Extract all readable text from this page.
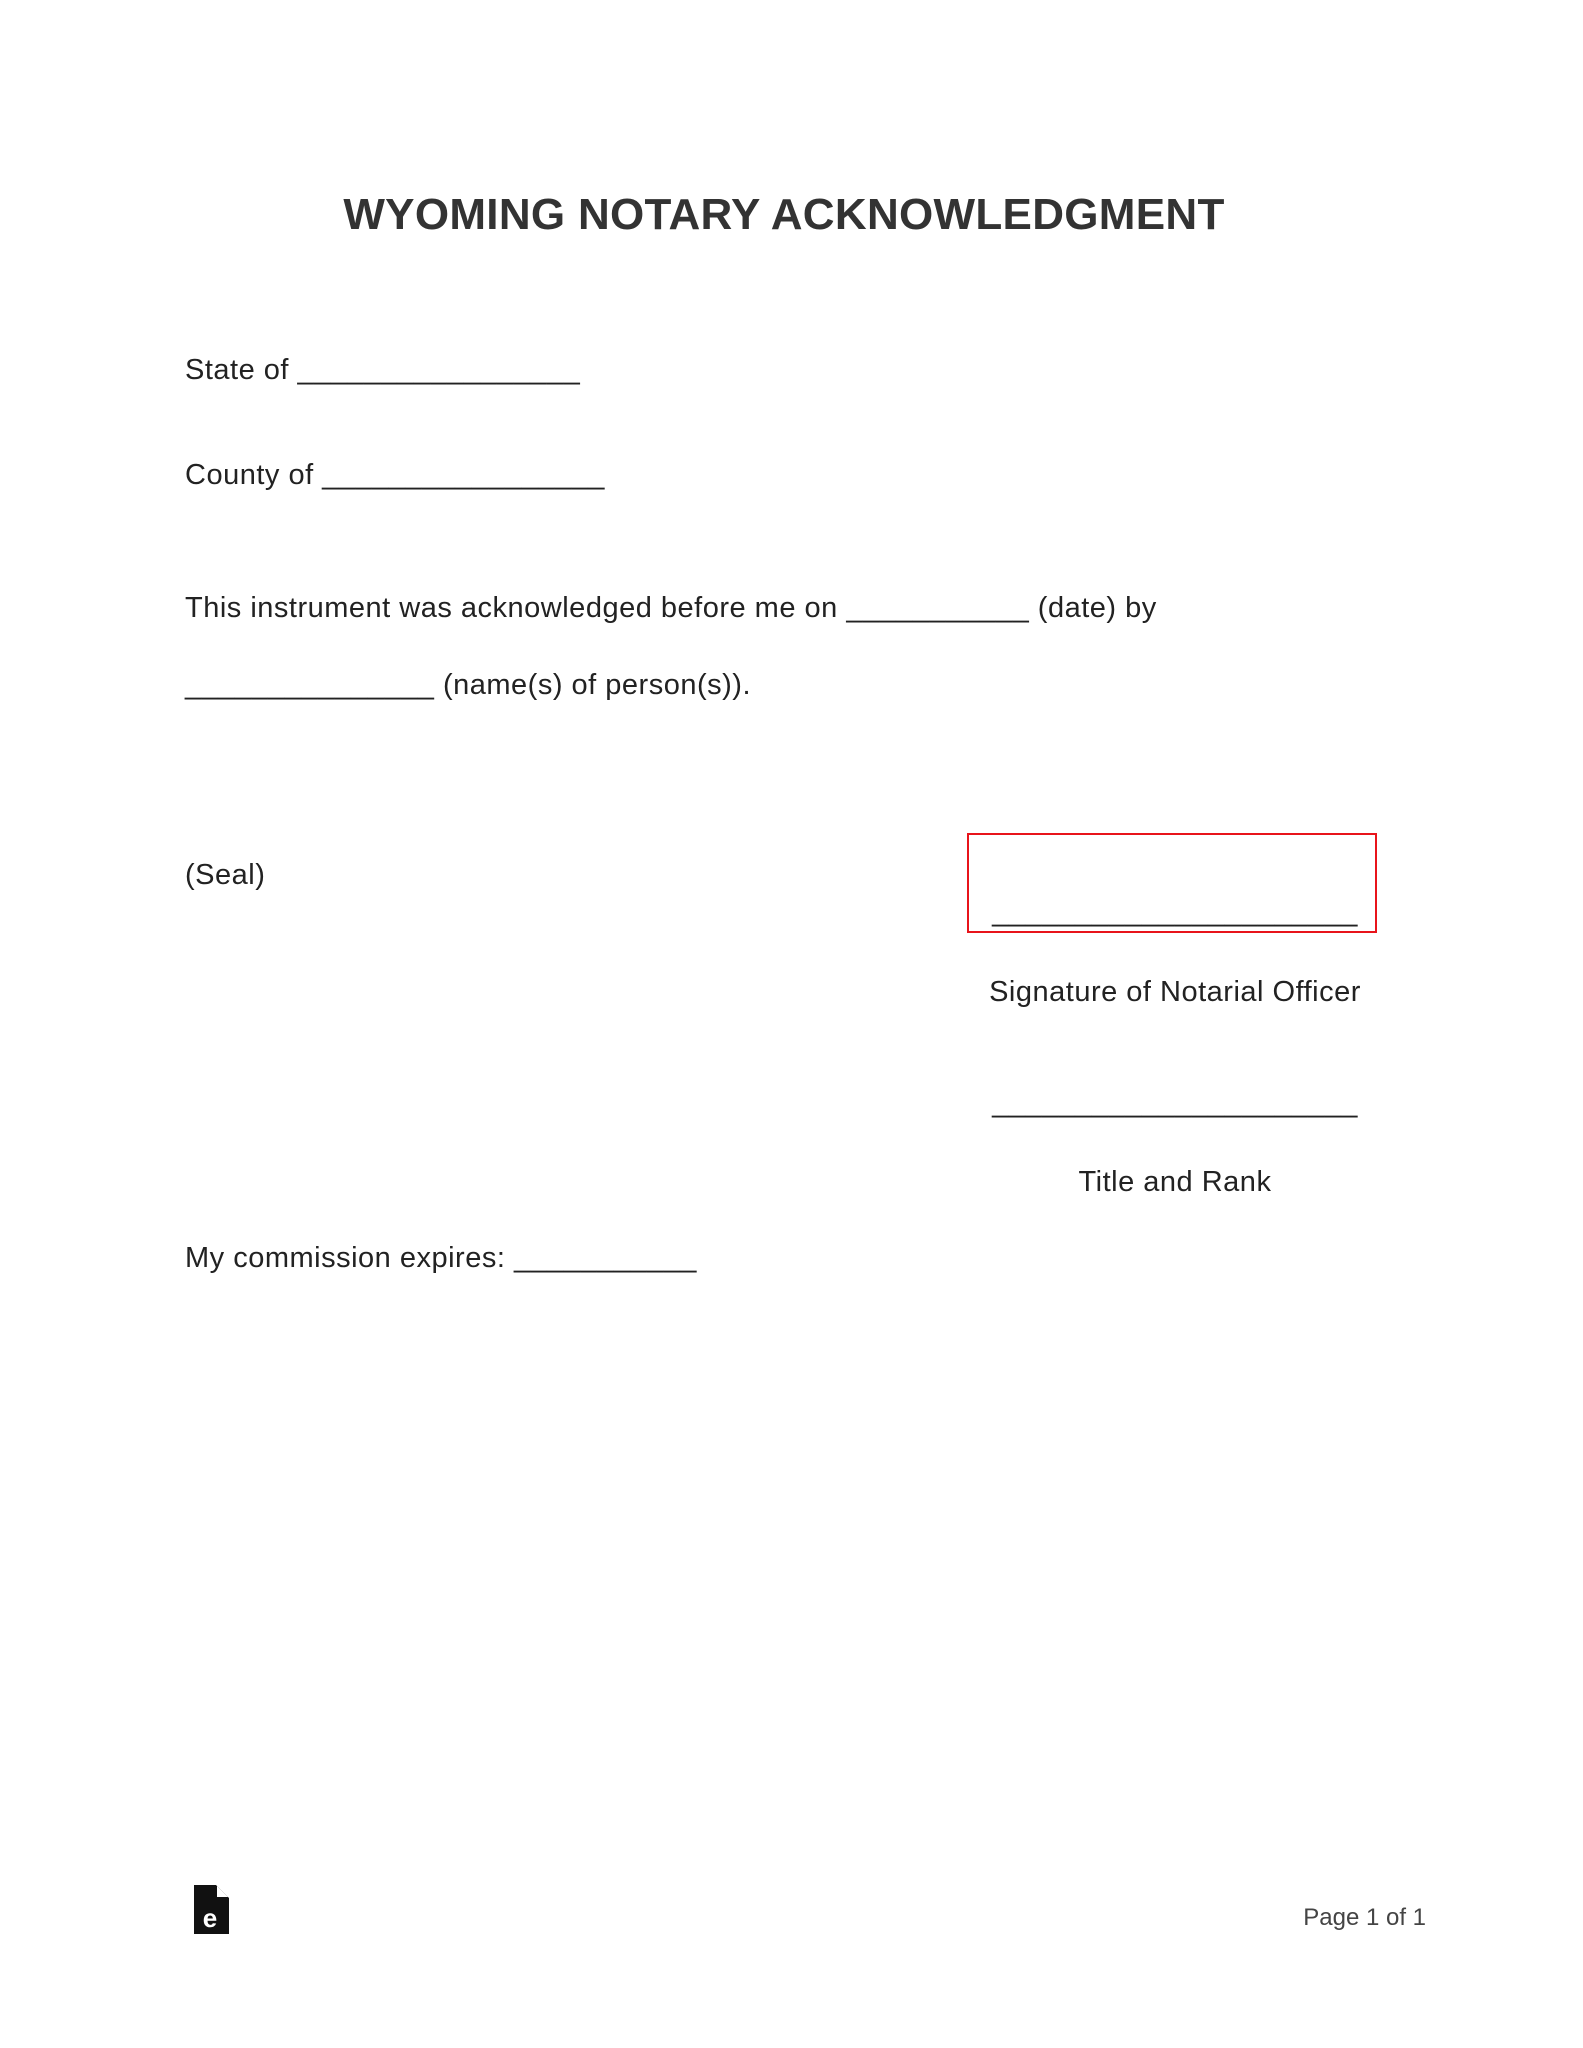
WYOMING NOTARY ACKNOWLEDGMENT
State of _________________
County of _________________
This instrument was acknowledged before me on ___________ (date) by
_______________ (name(s) of person(s)).
(Seal)
______________________
Signature of Notarial Officer
______________________
Title and Rank
My commission expires: ___________
e	Page 1 of 1
